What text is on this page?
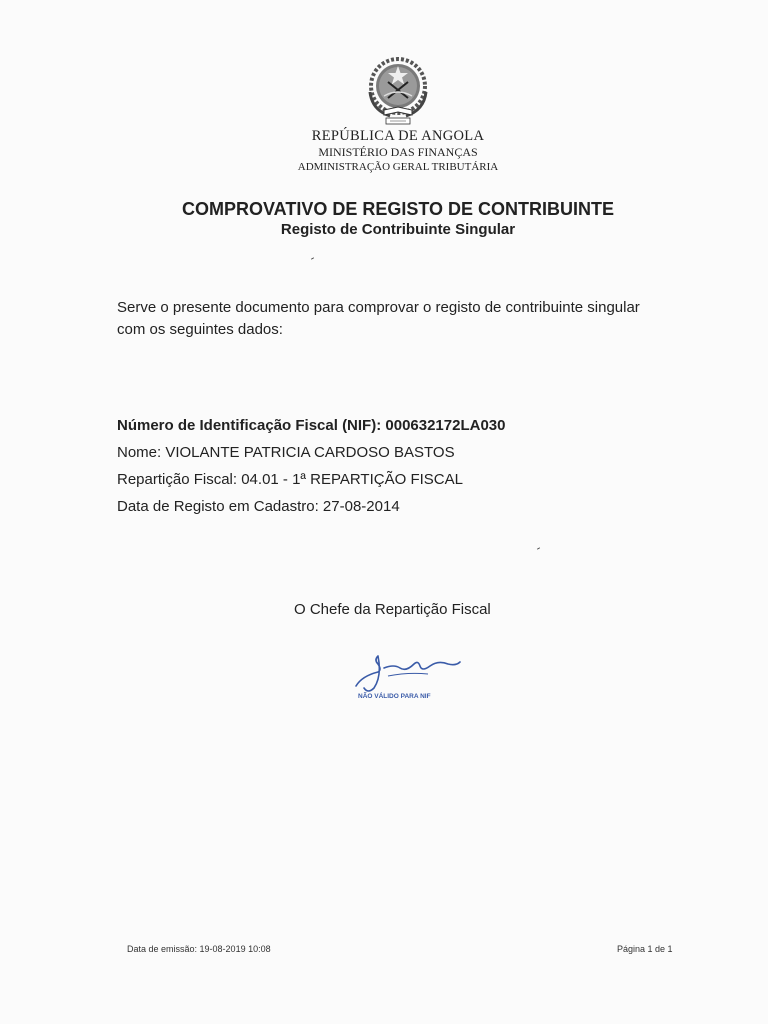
REPÚBLICA DE ANGOLA
MINISTÉRIO DAS FINANÇAS
ADMINISTRAÇÃO GERAL TRIBUTÁRIA
COMPROVATIVO DE REGISTO DE CONTRIBUINTE
Registo de Contribuinte Singular
Serve o presente documento para comprovar o registo de contribuinte singular
com os seguintes dados:
Número de Identificação Fiscal (NIF): 000632172LA030
Nome: VIOLANTE PATRICIA CARDOSO BASTOS
Repartição Fiscal: 04.01 - 1ª REPARTIÇÃO FISCAL
Data de Registo em Cadastro: 27-08-2014
O Chefe da Repartição Fiscal
NÃO VÁLIDO PARA NIF
Data de emissão: 19-08-2019 10:08	Página 1 de 1
